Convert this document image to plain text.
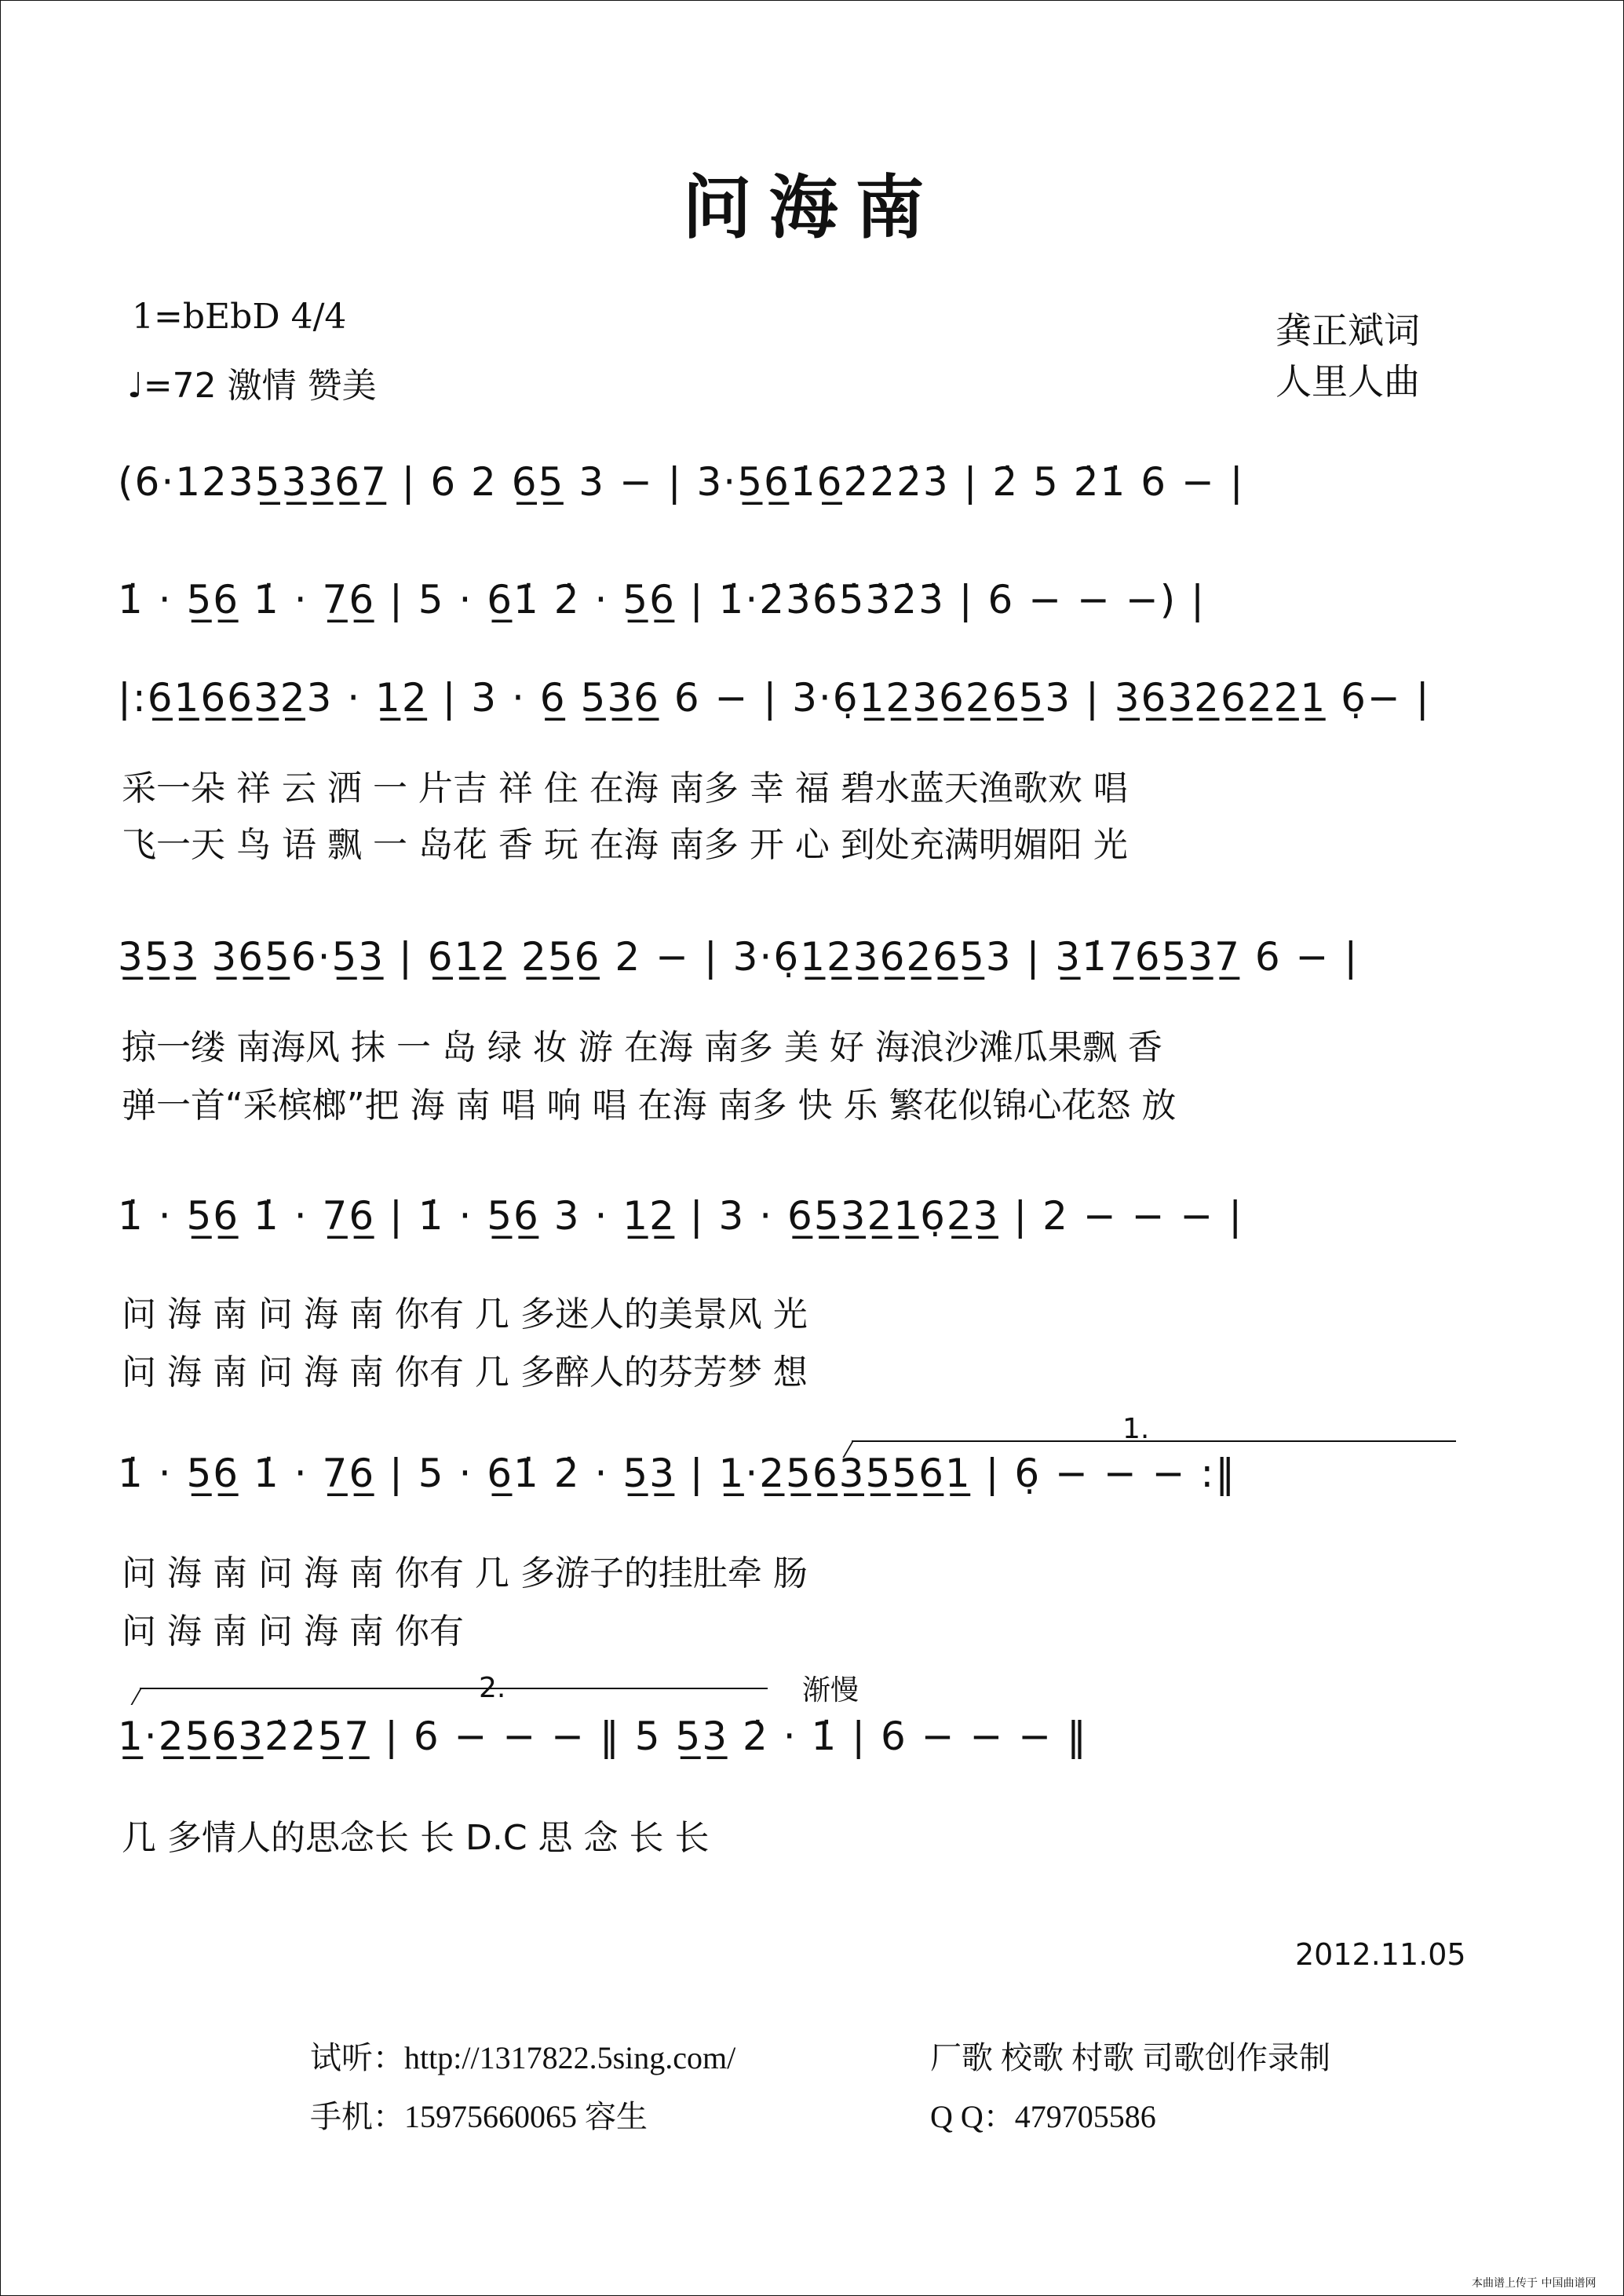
问海南
1=bEbD 4/4
♩=72 激情 赞美
龚正斌词
人里人曲
(6·1235̲3̲3̲6̲7̲ | 6 2 6̲5̲ 3 − | 3·5̲6̲1̇6̲2̇2̇2̇3̇ | 2̇ 5 2̇1̇ 6 − |
1̇ · 5̲6̲ 1̇ · 7̲6̲ | 5 · 6̲1̇ 2̇ · 5̲6̲ | 1̇·2̇3̇6̇5̇3̇2̇3̇ | 6 − − −) |
|:6̲1̲6̲6̲3̲2̲3 · 1̲2̲ | 3 · 6̲ 5̲3̲6̲ 6 − | 3·6̣1̲2̲3̲6̲2̲6̲5̲3 | 3̲6̲3̲2̲6̲2̲2̲1̲ 6̣− |
采一朵 祥 云 洒 一 片吉 祥 住 在海 南多 幸 福 碧水蓝天渔歌欢 唱
飞一天 鸟 语 飘 一 岛花 香 玩 在海 南多 开 心 到处充满明媚阳 光
3̲5̲3̲ 3̲6̲5̲6·5̲3̲ | 6̲1̲2̲ 2̲5̲6̲ 2 − | 3·6̣1̲2̲3̲6̲2̲6̲5̲3 | 3̲1̇7̲6̲5̲3̲7̲ 6 − |
掠一缕 南海风 抹 一 岛 绿 妆 游 在海 南多 美 好 海浪沙滩瓜果飘 香
弹一首“采槟榔”把 海 南 唱 响 唱 在海 南多 快 乐 繁花似锦心花怒 放
1̇ · 5̲6̲ 1̇ · 7̲6̲ | 1̇ · 5̲6̲ 3 · 1̲2̲ | 3 · 6̲5̲3̲2̲1̲6̣2̲3̲ | 2 − − − |
问 海 南 问 海 南 你有 几 多迷人的美景风 光
问 海 南 问 海 南 你有 几 多醉人的芬芳梦 想
1.
1̇ · 5̲6̲ 1̇ · 7̲6̲ | 5 · 6̲1̇ 2̇ · 5̲3̲ | 1̲·2̲5̲6̲3̲5̲5̲6̲1̲ | 6̣ − − − :‖
问 海 南 问 海 南 你有 几 多游子的挂肚牵 肠
问 海 南 问 海 南 你有
2.	渐慢
1̲·2̲5̲6̲3̲2̇2̇5̲7̲ | 6 − − − ‖ 5 5̲3̲ 2̇ · 1̇ | 6 − − − ‖
几 多情人的思念长 长 D.C 思 念 长 长
2012.11.05
试听：http://1317822.5sing.com/
手机：15975660065 容生
厂歌 校歌 村歌 司歌创作录制
Q Q：479705586
本曲谱上传于 中国曲谱网
